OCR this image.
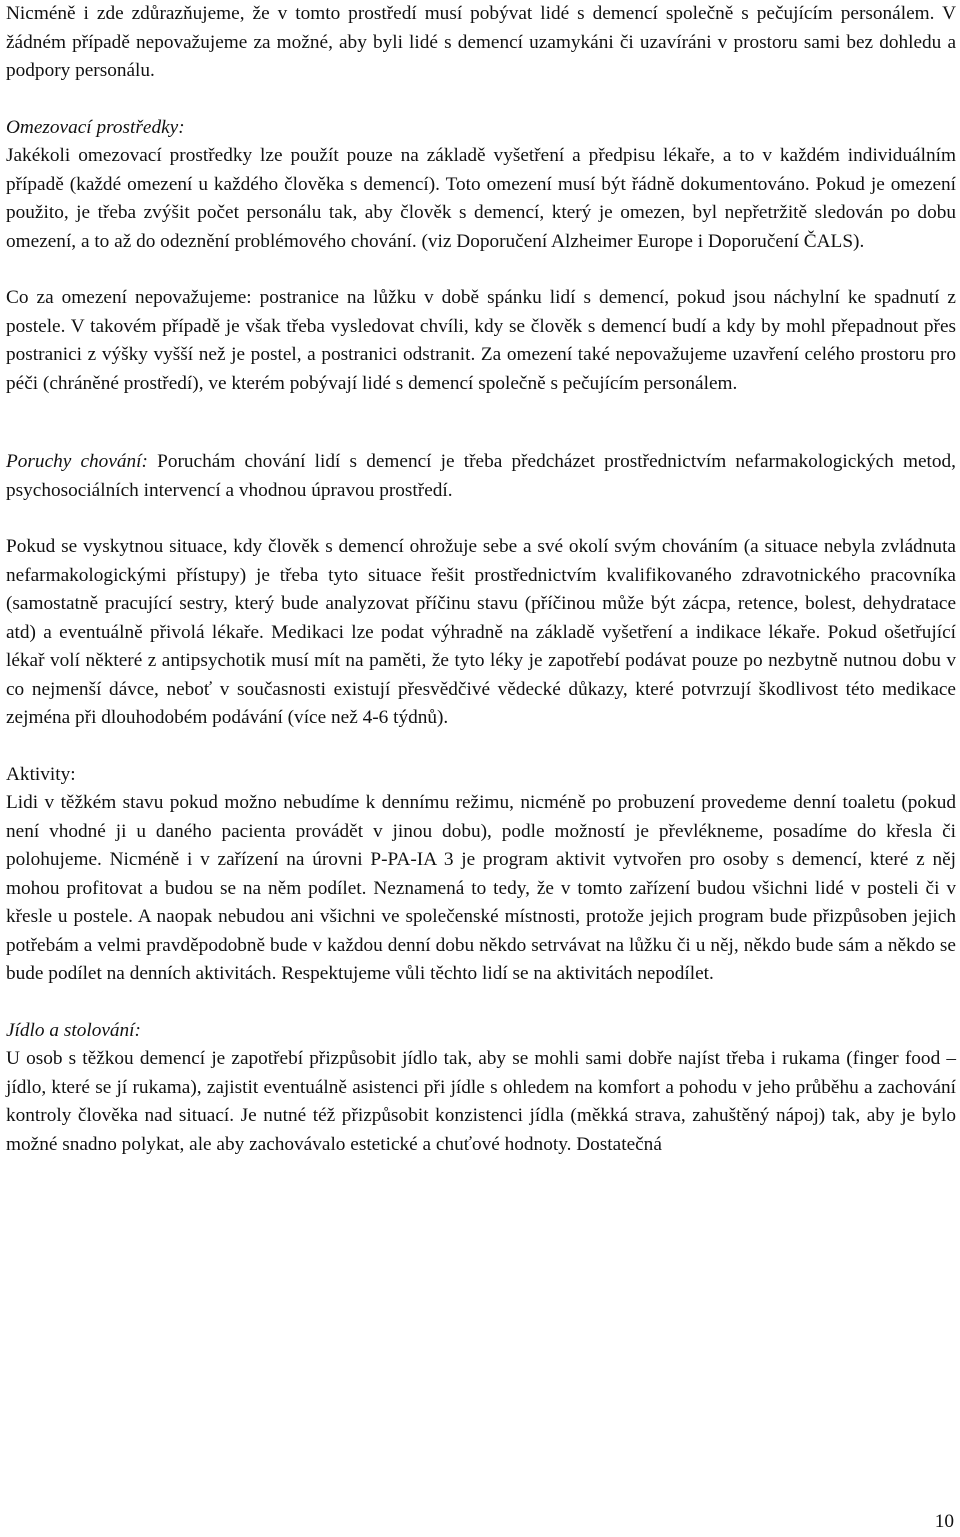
Nicméně i zde zdůrazňujeme, že v tomto prostředí musí pobývat lidé s demencí společně s pečujícím personálem. V žádném případě nepovažujeme za možné, aby byli lidé s demencí uzamykáni či uzavíráni v prostoru sami bez dohledu a podpory personálu.

Omezovací prostředky:

Jakékoli omezovací prostředky lze použít pouze na základě vyšetření a předpisu lékaře, a to v každém individuálním případě (každé omezení u každého člověka s demencí). Toto omezení musí být řádně dokumentováno. Pokud je omezení použito, je třeba zvýšit počet personálu tak, aby člověk s demencí, který je omezen, byl nepřetržitě sledován po dobu omezení, a to až do odeznění problémového chování. (viz Doporučení Alzheimer Europe i Doporučení ČALS).

Co za omezení nepovažujeme: postranice na lůžku v době spánku lidí s demencí, pokud jsou náchylní ke spadnutí z postele. V takovém případě je však třeba vysledovat chvíli, kdy se člověk s demencí budí a kdy by mohl přepadnout přes postranici z výšky vyšší než je postel, a postranici odstranit. Za omezení také nepovažujeme uzavření celého prostoru pro péči (chráněné prostředí), ve kterém pobývají lidé s demencí společně s pečujícím personálem.

Poruchy chování: Poruchám chování lidí s demencí je třeba předcházet prostřednictvím nefarmakologických metod, psychosociálních intervencí a vhodnou úpravou prostředí.

Pokud se vyskytnou situace, kdy člověk s demencí ohrožuje sebe a své okolí svým chováním (a situace nebyla zvládnuta nefarmakologickými přístupy) je třeba tyto situace řešit prostřednictvím kvalifikovaného zdravotnického pracovníka (samostatně pracující sestry, který bude analyzovat příčinu stavu (příčinou může být zácpa, retence, bolest, dehydratace atd) a eventuálně přivolá lékaře. Medikaci lze podat výhradně na základě vyšetření a indikace lékaře. Pokud ošetřující lékař volí některé z antipsychotik musí mít na paměti, že tyto léky je zapotřebí podávat pouze po nezbytně nutnou dobu v co nejmenší dávce, neboť v současnosti existují přesvědčivé vědecké důkazy, které potvrzují škodlivost této medikace zejména při dlouhodobém podávání (více než 4-6 týdnů).

Aktivity:

Lidi v těžkém stavu pokud možno nebudíme k dennímu režimu, nicméně po probuzení provedeme denní toaletu (pokud není vhodné ji u daného pacienta provádět v jinou dobu), podle možností je převlékneme, posadíme do křesla či polohujeme. Nicméně i v zařízení na úrovni P-PA-IA 3 je program aktivit vytvořen pro osoby s demencí, které z něj mohou profitovat a budou se na něm podílet. Neznamená to tedy, že v tomto zařízení budou všichni lidé v posteli či v křesle u postele. A naopak nebudou ani všichni ve společenské místnosti, protože jejich program bude přizpůsoben jejich potřebám a velmi pravděpodobně bude v každou denní dobu někdo setrvávat na lůžku či u něj, někdo bude sám a někdo se bude podílet na denních aktivitách. Respektujeme vůli těchto lidí se na aktivitách nepodílet.

Jídlo a stolování:

U osob s těžkou demencí je zapotřebí přizpůsobit jídlo tak, aby se mohli sami dobře najíst třeba i rukama (finger food – jídlo, které se jí rukama), zajistit eventuálně asistenci při jídle s ohledem na komfort a pohodu v jeho průběhu a zachování kontroly člověka nad situací. Je nutné též přizpůsobit konzistenci jídla (měkká strava, zahuštěný nápoj) tak, aby je bylo možné snadno polykat, ale aby zachovávalo estetické a chuťové hodnoty. Dostatečná

10
